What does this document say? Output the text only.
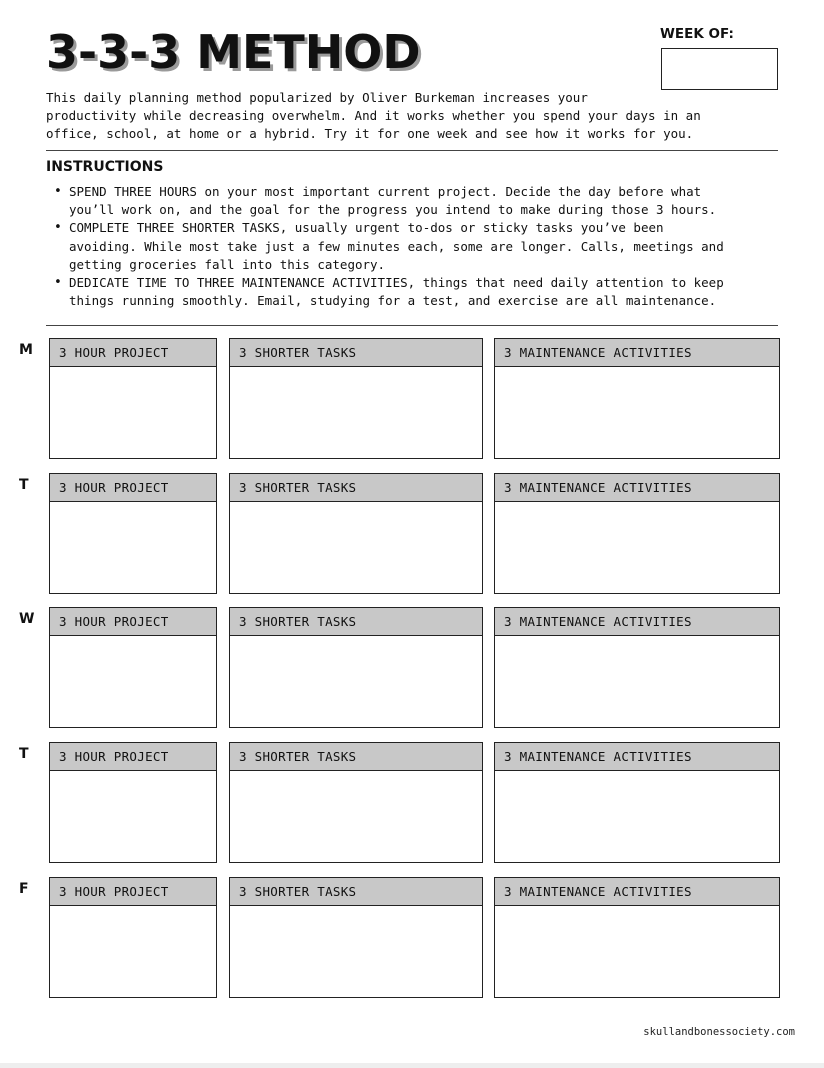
3-3-3 METHOD	WEEK OF:

This daily planning method popularized by Oliver Burkeman increases your
productivity while decreasing overwhelm. And it works whether you spend your days in an
office, school, at home or a hybrid. Try it for one week and see how it works for you.

INSTRUCTIONS
• SPEND THREE HOURS on your most important current project. Decide the day before what
you’ll work on, and the goal for the progress you intend to make during those 3 hours.
• COMPLETE THREE SHORTER TASKS, usually urgent to-dos or sticky tasks you’ve been
avoiding. While most take just a few minutes each, some are longer. Calls, meetings and
getting groceries fall into this category.
• DEDICATE TIME TO THREE MAINTENANCE ACTIVITIES, things that need daily attention to keep
things running smoothly. Email, studying for a test, and exercise are all maintenance.
M	3 HOUR PROJECT	3 SHORTER TASKS	3 MAINTENANCE ACTIVITIES
T	3 HOUR PROJECT	3 SHORTER TASKS	3 MAINTENANCE ACTIVITIES
W	3 HOUR PROJECT	3 SHORTER TASKS	3 MAINTENANCE ACTIVITIES
T	3 HOUR PROJECT	3 SHORTER TASKS	3 MAINTENANCE ACTIVITIES
F	3 HOUR PROJECT	3 SHORTER TASKS	3 MAINTENANCE ACTIVITIES
skullandbonessociety.com
